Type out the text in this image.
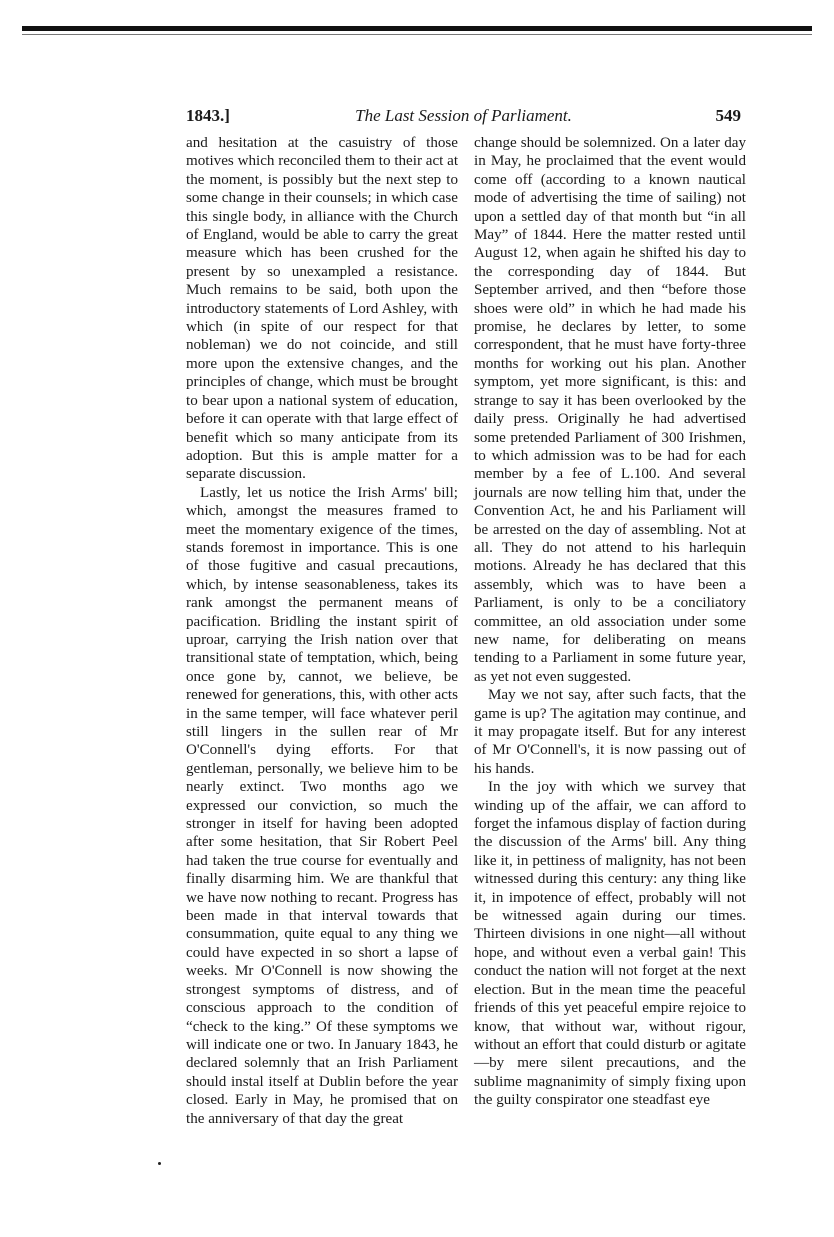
1843.]	The Last Session of Parliament.	549

and hesitation at the casuistry of those motives which reconciled them to their act at the moment, is possibly but the next step to some change in their counsels; in which case this single body, in alliance with the Church of England, would be able to carry the great measure which has been crushed for the present by so unexampled a resistance. Much remains to be said, both upon the introductory statements of Lord Ashley, with which (in spite of our respect for that nobleman) we do not coincide, and still more upon the extensive changes, and the principles of change, which must be brought to bear upon a national system of education, before it can operate with that large effect of benefit which so many anticipate from its adoption. But this is ample matter for a separate discussion.

Lastly, let us notice the Irish Arms' bill; which, amongst the measures framed to meet the momentary exigence of the times, stands foremost in importance. This is one of those fugitive and casual precautions, which, by intense seasonableness, takes its rank amongst the permanent means of pacification. Bridling the instant spirit of uproar, carrying the Irish nation over that transitional state of temptation, which, being once gone by, cannot, we believe, be renewed for generations, this, with other acts in the same temper, will face whatever peril still lingers in the sullen rear of Mr O'Connell's dying efforts. For that gentleman, personally, we believe him to be nearly extinct. Two months ago we expressed our conviction, so much the stronger in itself for having been adopted after some hesitation, that Sir Robert Peel had taken the true course for eventually and finally disarming him. We are thankful that we have now nothing to recant. Progress has been made in that interval towards that consummation, quite equal to any thing we could have expected in so short a lapse of weeks. Mr O'Connell is now showing the strongest symptoms of distress, and of conscious approach to the condition of “check to the king.” Of these symptoms we will indicate one or two. In January 1843, he declared solemnly that an Irish Parliament should instal itself at Dublin before the year closed. Early in May, he promised that on the anniversary of that day the great

change should be solemnized. On a later day in May, he proclaimed that the event would come off (according to a known nautical mode of advertising the time of sailing) not upon a settled day of that month but “in all May” of 1844. Here the matter rested until August 12, when again he shifted his day to the corresponding day of 1844. But September arrived, and then “before those shoes were old” in which he had made his promise, he declares by letter, to some correspondent, that he must have forty-three months for working out his plan. Another symptom, yet more significant, is this: and strange to say it has been overlooked by the daily press. Originally he had advertised some pretended Parliament of 300 Irishmen, to which admission was to be had for each member by a fee of L.100. And several journals are now telling him that, under the Convention Act, he and his Parliament will be arrested on the day of assembling. Not at all. They do not attend to his harlequin motions. Already he has declared that this assembly, which was to have been a Parliament, is only to be a conciliatory committee, an old association under some new name, for deliberating on means tending to a Parliament in some future year, as yet not even suggested.

May we not say, after such facts, that the game is up? The agitation may continue, and it may propagate itself. But for any interest of Mr O'Connell's, it is now passing out of his hands.

In the joy with which we survey that winding up of the affair, we can afford to forget the infamous display of faction during the discussion of the Arms' bill. Any thing like it, in pettiness of malignity, has not been witnessed during this century: any thing like it, in impotence of effect, probably will not be witnessed again during our times. Thirteen divisions in one night—all without hope, and without even a verbal gain! This conduct the nation will not forget at the next election. But in the mean time the peaceful friends of this yet peaceful empire rejoice to know, that without war, without rigour, without an effort that could disturb or agitate—by mere silent precautions, and the sublime magnanimity of simply fixing upon the guilty conspirator one steadfast eye
